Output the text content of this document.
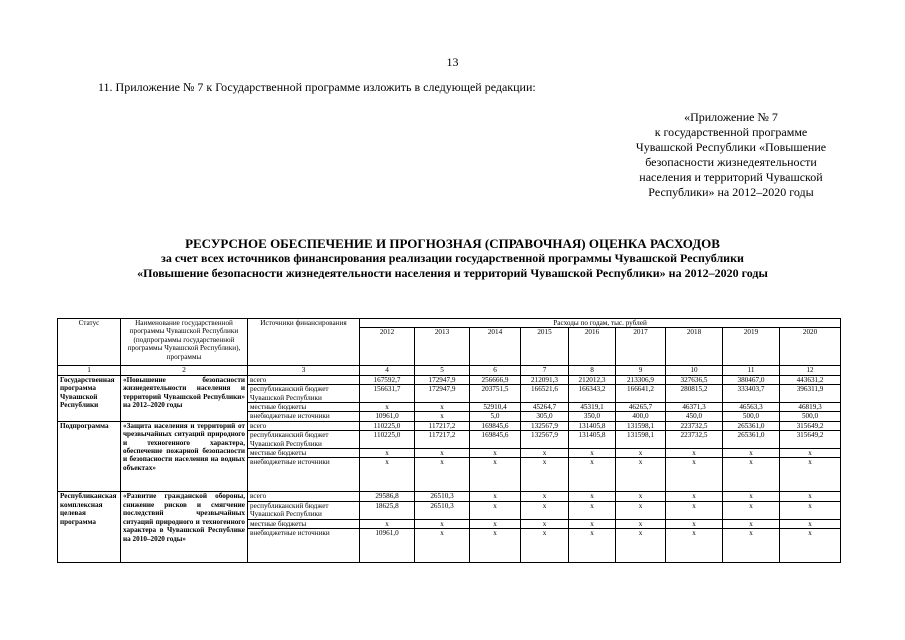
13
11. Приложение № 7 к Государственной программе изложить в следующей редакции:
«Приложение № 7
к государственной программе
Чувашской Республики «Повышение
безопасности жизнедеятельности
населения и территорий Чувашской
Республики» на 2012–2020 годы
РЕСУРСНОЕ ОБЕСПЕЧЕНИЕ И ПРОГНОЗНАЯ (СПРАВОЧНАЯ) ОЦЕНКА РАСХОДОВ
за счет всех источников финансирования реализации государственной программы Чувашской Республики
«Повышение безопасности жизнедеятельности населения и территорий Чувашской Республики» на 2012–2020 годы
Статус	Наименование государственной программы Чувашской Республики (подпрограммы государственной программы Чувашской Республики), программы	Источники финансирования	Расходы по годам, тыс. рублей								
			2012	2013	2014	2015	2016	2017	2018	2019	2020
1	2	3	4	5	6	7	8	9	10	11	12
Государственная программа Чувашской Республики	«Повышение безопасности жизнедеятельности населения и территорий Чувашской Республики» на 2012–2020 годы	всего	167592,7	172947,9	256666,9	212091,3	212012,3	213306,9	327636,5	380467,0	443631,2
		республиканский бюджет Чувашской Республики	156631,7	172947,9	203751,5	166521,6	166343,2	166641,2	280815,2	333403,7	396311,9
		местные бюджеты	x	x	52910,4	45264,7	45319,1	46265,7	46371,3	46563,3	46819,3
		внебюджетные источники	10961,0	x	5,0	305,0	350,0	400,0	450,0	500,0	500,0
Подпрограмма	«Защита населения и территорий от чрезвычайных ситуаций природного и техногенного характера, обеспечение пожарной безопасности и безопасности населения на водных объектах»	всего	110225,0	117217,2	169845,6	132567,9	131405,8	131598,1	223732,5	265361,0	315649,2
		республиканский бюджет Чувашской Республики	110225,0	117217,2	169845,6	132567,9	131405,8	131598,1	223732,5	265361,0	315649,2
		местные бюджеты	x	x	x	x	x	x	x	x	x
		внебюджетные источники	x	x	x	x	x	x	x	x	x
Республиканская комплексная целевая программа	«Развитие гражданской обороны, снижение рисков и смягчение последствий чрезвычайных ситуаций природного и техногенного характера в Чувашской Республике на 2010–2020 годы»	всего	29586,8	26510,3	x	x	x	x	x	x	x
		республиканский бюджет Чувашской Республики	18625,8	26510,3	x	x	x	x	x	x	x
		местные бюджеты	x	x	x	x	x	x	x	x	x
		внебюджетные источники	10961,0	x	x	x	x	x	x	x	x
